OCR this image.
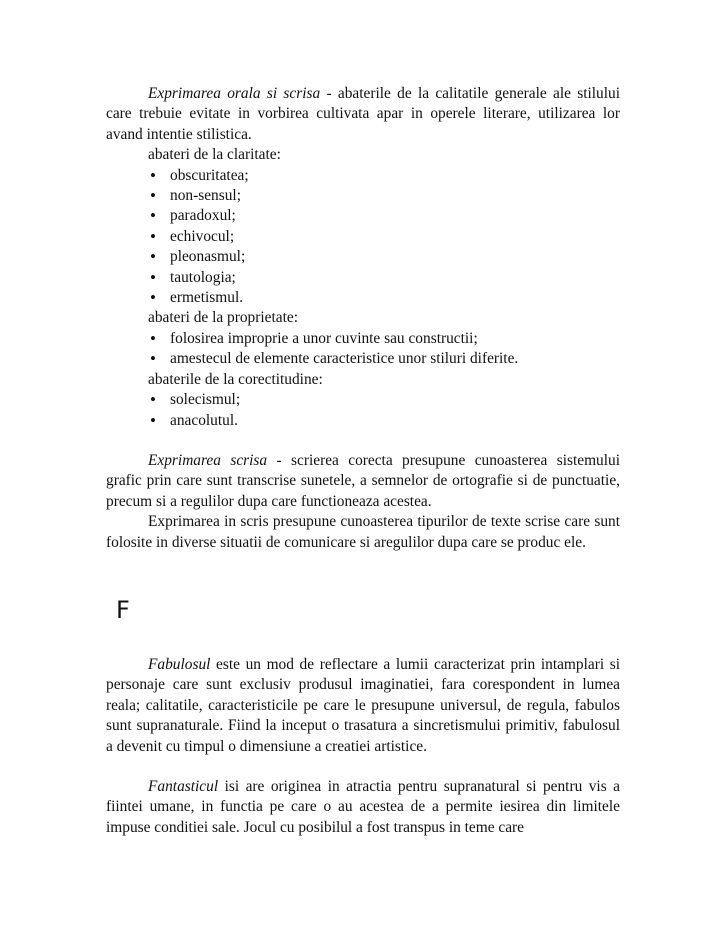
Exprimarea orala si scrisa - abaterile de la calitatile generale ale stilului care trebuie evitate in vorbirea cultivata apar in operele literare, utilizarea lor avand intentie stilistica.

abateri de la claritate:

• obscuritatea;
• non-sensul;
• paradoxul;
• echivocul;
• pleonasmul;
• tautologia;
• ermetismul.

abateri de la proprietate:

• folosirea improprie a unor cuvinte sau constructii;
• amestecul de elemente caracteristice unor stiluri diferite.

abaterile de la corectitudine:

• solecismul;
• anacolutul.

Exprimarea scrisa - scrierea corecta presupune cunoasterea sistemului grafic prin care sunt transcrise sunetele, a semnelor de ortografie si de punctuatie, precum si a regulilor dupa care functioneaza acestea.

Exprimarea in scris presupune cunoasterea tipurilor de texte scrise care sunt folosite in diverse situatii de comunicare si aregulilor dupa care se produc ele.

F

Fabulosul este un mod de reflectare a lumii caracterizat prin intamplari si personaje care sunt exclusiv produsul imaginatiei, fara corespondent in lumea reala; calitatile, caracteristicile pe care le presupune universul, de regula, fabulos sunt supranaturale. Fiind la inceput o trasatura a sincretismului primitiv, fabulosul a devenit cu timpul o dimensiune a creatiei artistice.

Fantasticul isi are originea in atractia pentru supranatural si pentru vis a fiintei umane, in functia pe care o au acestea de a permite iesirea din limitele impuse conditiei sale. Jocul cu posibilul a fost transpus in teme care
